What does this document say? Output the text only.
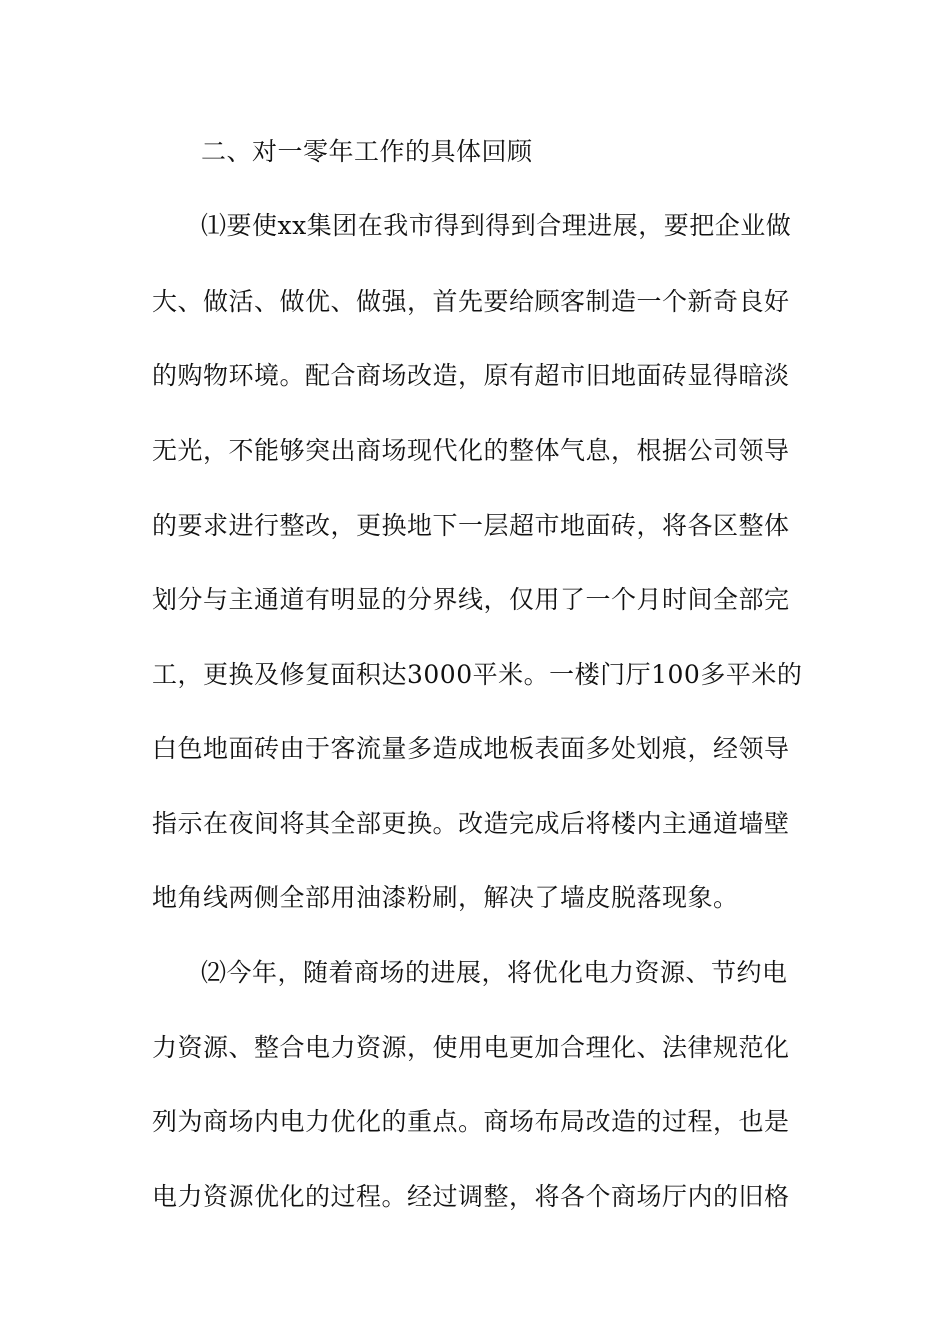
二、对一零年工作的具体回顾
⑴要使xx集团在我市得到得到合理进展，要把企业做
大、做活、做优、做强，首先要给顾客制造一个新奇良好
的购物环境。配合商场改造，原有超市旧地面砖显得暗淡
无光，不能够突出商场现代化的整体气息，根据公司领导
的要求进行整改，更换地下一层超市地面砖，将各区整体
划分与主通道有明显的分界线，仅用了一个月时间全部完
工，更换及修复面积达3000平米。一楼门厅100多平米的
白色地面砖由于客流量多造成地板表面多处划痕，经领导
指示在夜间将其全部更换。改造完成后将楼内主通道墙壁
地角线两侧全部用油漆粉刷，解决了墙皮脱落现象。
⑵今年，随着商场的进展，将优化电力资源、节约电
力资源、整合电力资源，使用电更加合理化、法律规范化
列为商场内电力优化的重点。商场布局改造的过程，也是
电力资源优化的过程。经过调整，将各个商场厅内的旧格
